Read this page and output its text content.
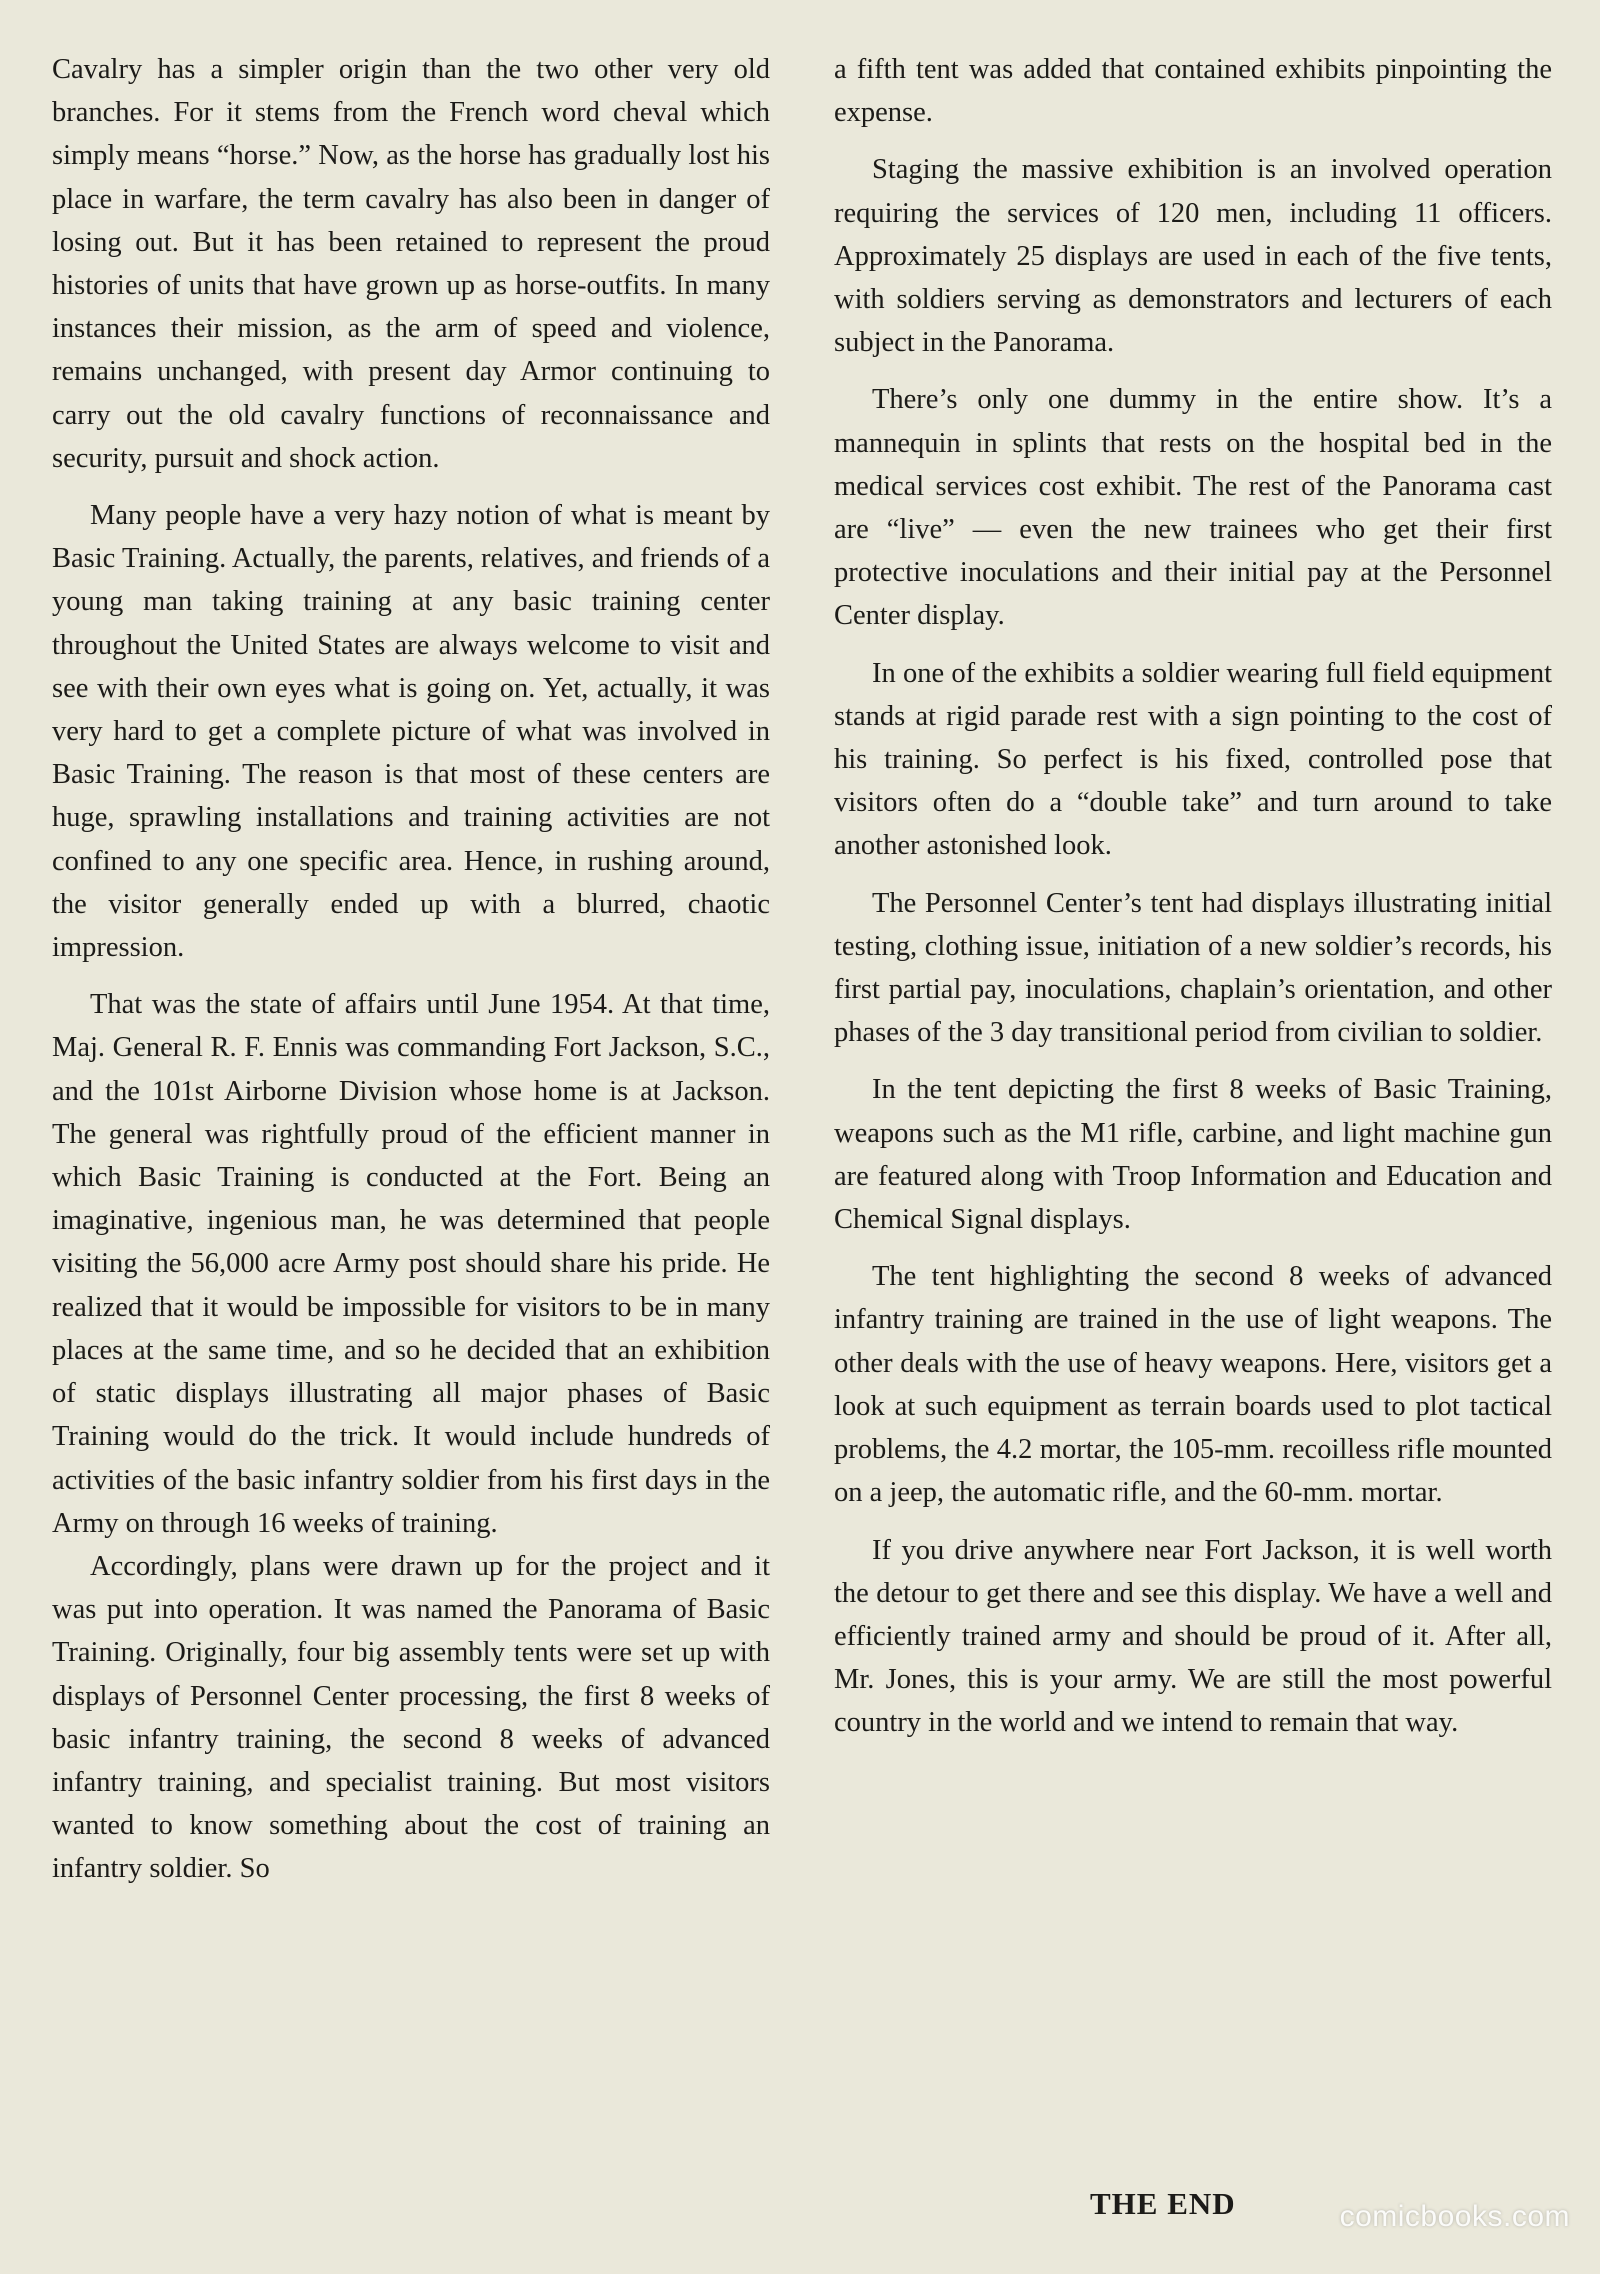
Cavalry has a simpler origin than the two other very old branches. For it stems from the French word cheval which simply means “horse.” Now, as the horse has gradually lost his place in warfare, the term cavalry has also been in danger of losing out. But it has been retained to represent the proud histories of units that have grown up as horse-outfits. In many instances their mission, as the arm of speed and violence, remains unchanged, with present day Armor continuing to carry out the old cavalry functions of reconnaissance and security, pursuit and shock action.

Many people have a very hazy notion of what is meant by Basic Training. Actually, the parents, relatives, and friends of a young man taking training at any basic training center throughout the United States are always welcome to visit and see with their own eyes what is going on. Yet, actually, it was very hard to get a complete picture of what was involved in Basic Training. The reason is that most of these centers are huge, sprawling installations and training activities are not confined to any one specific area. Hence, in rushing around, the visitor generally ended up with a blurred, chaotic impression.

That was the state of affairs until June 1954. At that time, Maj. General R. F. Ennis was commanding Fort Jackson, S.C., and the 101st Airborne Division whose home is at Jackson. The general was rightfully proud of the efficient manner in which Basic Training is conducted at the Fort. Being an imaginative, ingenious man, he was determined that people visiting the 56,000 acre Army post should share his pride. He realized that it would be impossible for visitors to be in many places at the same time, and so he decided that an exhibition of static displays illustrating all major phases of Basic Training would do the trick. It would include hundreds of activities of the basic infantry soldier from his first days in the Army on through 16 weeks of training.

Accordingly, plans were drawn up for the project and it was put into operation. It was named the Panorama of Basic Training. Originally, four big assembly tents were set up with displays of Personnel Center processing, the first 8 weeks of basic infantry training, the second 8 weeks of advanced infantry training, and specialist training. But most visitors wanted to know something about the cost of training an infantry soldier. So

a fifth tent was added that contained exhibits pinpointing the expense.

Staging the massive exhibition is an involved operation requiring the services of 120 men, including 11 officers. Approximately 25 displays are used in each of the five tents, with soldiers serving as demonstrators and lecturers of each subject in the Panorama.

There’s only one dummy in the entire show. It’s a mannequin in splints that rests on the hospital bed in the medical services cost exhibit. The rest of the Panorama cast are “live” — even the new trainees who get their first protective inoculations and their initial pay at the Personnel Center display.

In one of the exhibits a soldier wearing full field equipment stands at rigid parade rest with a sign pointing to the cost of his training. So perfect is his fixed, controlled pose that visitors often do a “double take” and turn around to take another astonished look.

The Personnel Center’s tent had displays illustrating initial testing, clothing issue, initiation of a new soldier’s records, his first partial pay, inoculations, chaplain’s orientation, and other phases of the 3 day transitional period from civilian to soldier.

In the tent depicting the first 8 weeks of Basic Training, weapons such as the M1 rifle, carbine, and light machine gun are featured along with Troop Information and Education and Chemical Signal displays.

The tent highlighting the second 8 weeks of advanced infantry training are trained in the use of light weapons. The other deals with the use of heavy weapons. Here, visitors get a look at such equipment as terrain boards used to plot tactical problems, the 4.2 mortar, the 105-mm. recoilless rifle mounted on a jeep, the automatic rifle, and the 60-mm. mortar.

If you drive anywhere near Fort Jackson, it is well worth the detour to get there and see this display. We have a well and efficiently trained army and should be proud of it. After all, Mr. Jones, this is your army. We are still the most powerful country in the world and we intend to remain that way.

THE END	comicbooks.com
